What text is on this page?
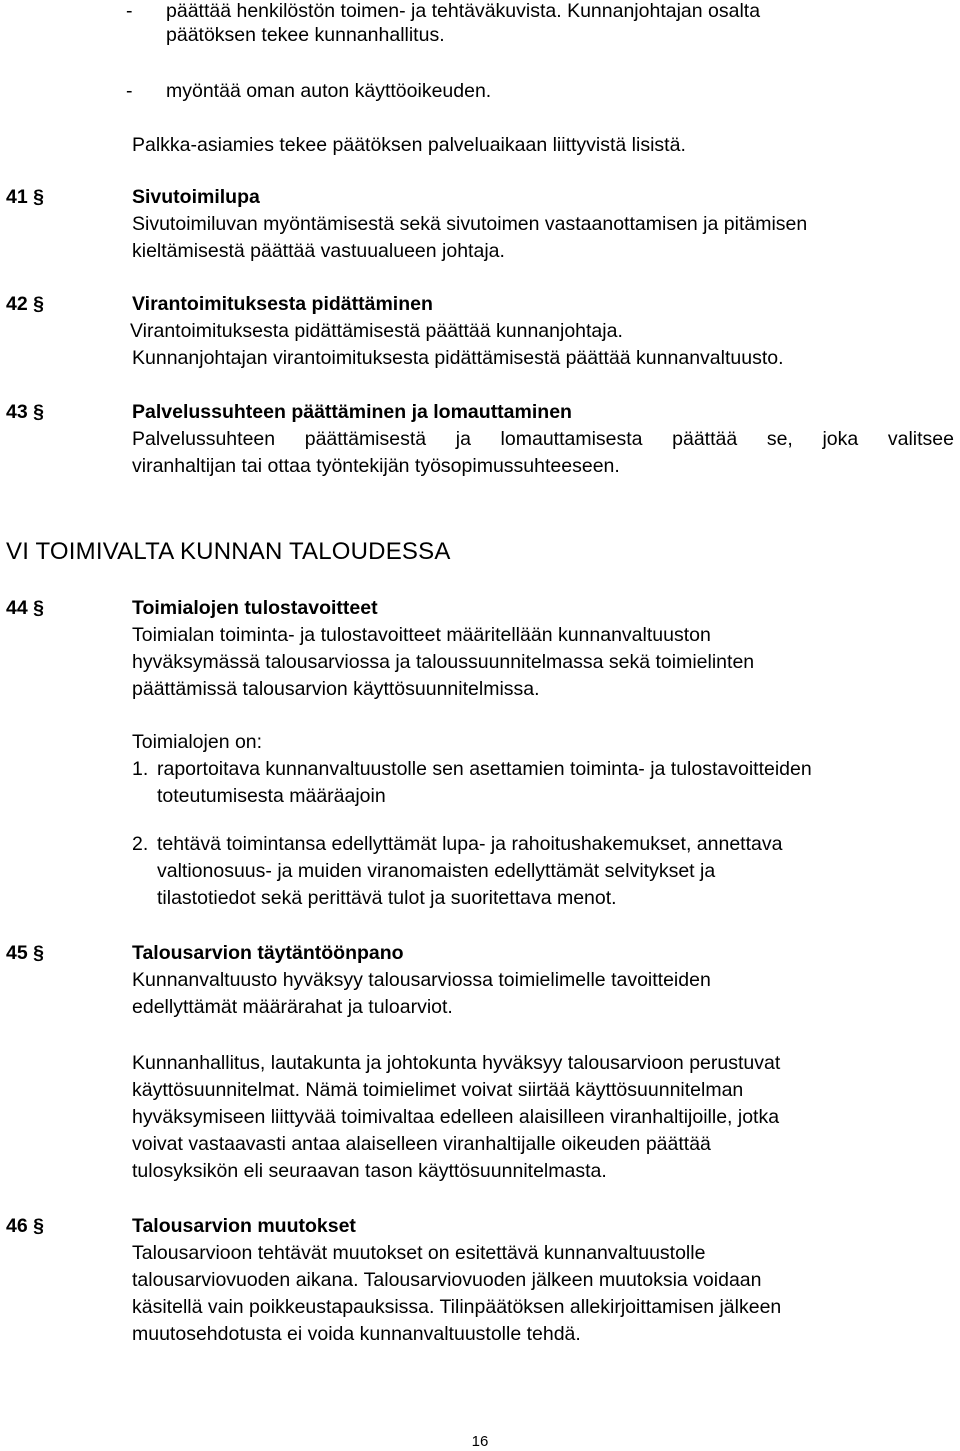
- päättää henkilöstön toimen- ja tehtäväkuvista. Kunnanjohtajan osalta
päätöksen tekee kunnanhallitus.
- myöntää oman auton käyttöoikeuden.
Palkka-asiamies tekee päätöksen palveluaikaan liittyvistä lisistä.
41 §	Sivutoimilupa
Sivutoimiluvan myöntämisestä sekä sivutoimen vastaanottamisen ja pitämisen
kieltämisestä päättää vastuualueen johtaja.
42 §	Virantoimituksesta pidättäminen
Virantoimituksesta pidättämisestä päättää kunnanjohtaja.
Kunnanjohtajan virantoimituksesta pidättämisestä päättää kunnanvaltuusto.
43 §	Palvelussuhteen päättäminen ja lomauttaminen
Palvelussuhteen päättämisestä ja lomauttamisesta päättää se, joka valitsee
viranhaltijan tai ottaa työntekijän työsopimussuhteeseen.
VI TOIMIVALTA KUNNAN TALOUDESSA
44 §	Toimialojen tulostavoitteet
Toimialan toiminta- ja tulostavoitteet määritellään kunnanvaltuuston
hyväksymässä talousarviossa ja taloussuunnitelmassa sekä toimielinten
päättämissä talousarvion käyttösuunnitelmissa.
Toimialojen on:
1. raportoitava kunnanvaltuustolle sen asettamien toiminta- ja tulostavoitteiden
toteutumisesta määräajoin
2. tehtävä toimintansa edellyttämät lupa- ja rahoitushakemukset, annettava
valtionosuus- ja muiden viranomaisten edellyttämät selvitykset ja
tilastotiedot sekä perittävä tulot ja suoritettava menot.
45 §	Talousarvion täytäntöönpano
Kunnanvaltuusto hyväksyy talousarviossa toimielimelle tavoitteiden
edellyttämät määrärahat ja tuloarviot.
Kunnanhallitus, lautakunta ja johtokunta hyväksyy talousarvioon perustuvat
käyttösuunnitelmat. Nämä toimielimet voivat siirtää käyttösuunnitelman
hyväksymiseen liittyvää toimivaltaa edelleen alaisilleen viranhaltijoille, jotka
voivat vastaavasti antaa alaiselleen viranhaltijalle oikeuden päättää
tulosyksikön eli seuraavan tason käyttösuunnitelmasta.
46 §	Talousarvion muutokset
Talousarvioon tehtävät muutokset on esitettävä kunnanvaltuustolle
talousarviovuoden aikana. Talousarviovuoden jälkeen muutoksia voidaan
käsitellä vain poikkeustapauksissa. Tilinpäätöksen allekirjoittamisen jälkeen
muutosehdotusta ei voida kunnanvaltuustolle tehdä.
16
